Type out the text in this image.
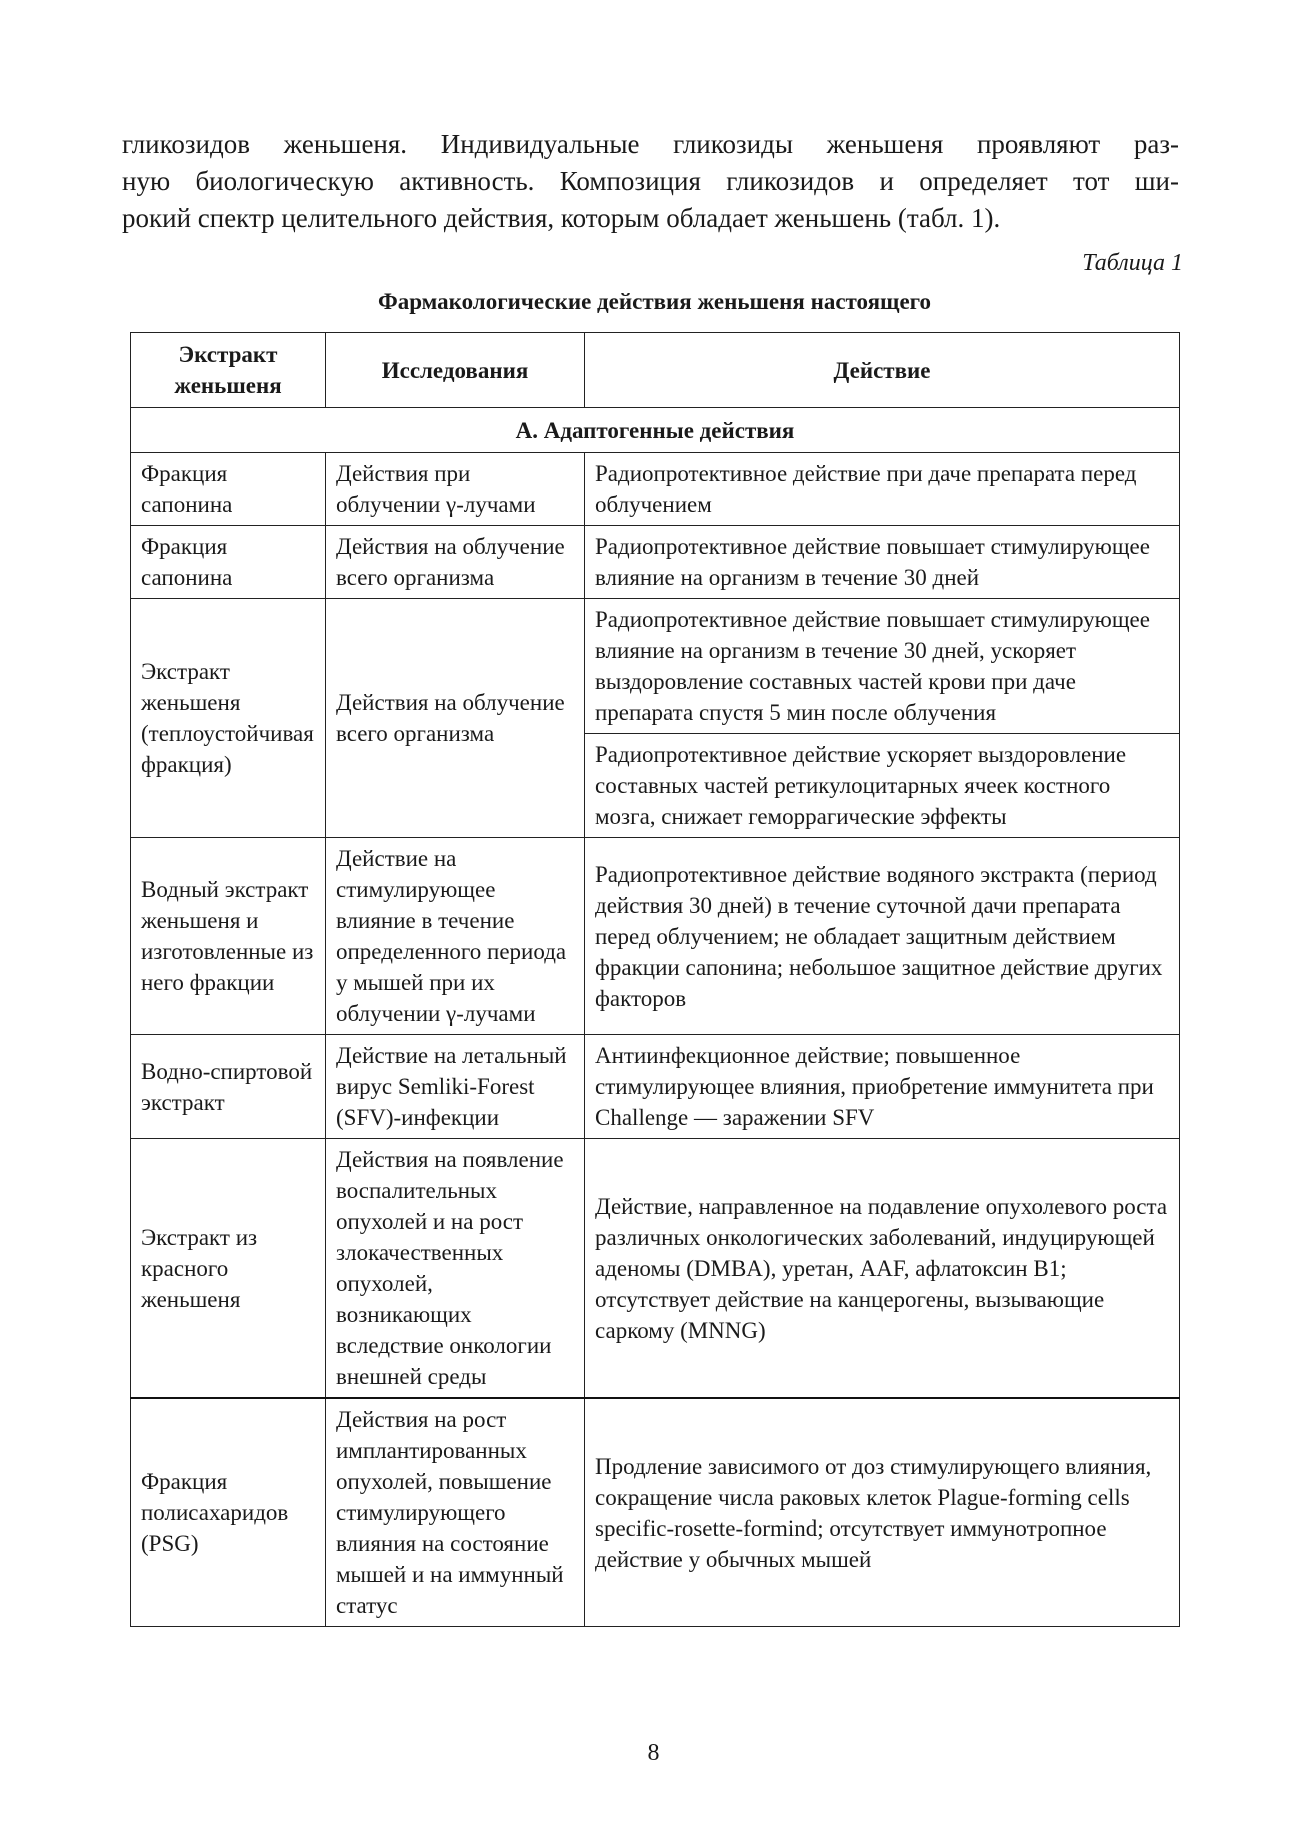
гликозидов женьшеня. Индивидуальные гликозиды женьшеня проявляют раз-
ную биологическую активность. Композиция гликозидов и определяет тот ши-
рокий спектр целительного действия, которым обладает женьшень (табл. 1).

Таблица 1

Фармакологические действия женьшеня настоящего

Экстракт женьшеня	Исследования	Действие
А. Адаптогенные действия		
Фракция сапонина	Действия при облучении γ-лучами	Радиопротективное действие при даче препарата перед облучением
Фракция сапонина	Действия на облучение всего организма	Радиопротективное действие повышает стимулирующее влияние на организм в течение 30 дней
Экстракт женьшеня (теплоустойчивая фракция)	Действия на облучение всего организма	Радиопротективное действие повышает стимулирующее влияние на организм в течение 30 дней, ускоряет выздоровление составных частей крови при даче препарата спустя 5 мин после облучения
		Радиопротективное действие ускоряет выздоровление составных частей ретикулоцитарных ячеек костного мозга, снижает геморрагические эффекты
Водный экстракт женьшеня и изготовленные из него фракции	Действие на стимулирующее влияние в течение определенного периода у мышей при их облучении γ-лучами	Радиопротективное действие водяного экстракта (период действия 30 дней) в течение суточной дачи препарата перед облучением; не обладает защитным действием фракции сапонина; небольшое защитное действие других факторов
Водно-спиртовой экстракт	Действие на летальный вирус Semliki-Forest (SFV)-инфекции	Антиинфекционное действие; повышенное стимулирующее влияния, приобретение иммунитета при Challenge — заражении SFV
Экстракт из красного женьшеня	Действия на появление воспалительных опухолей и на рост злокачественных опухолей, возникающих вследствие онкологии внешней среды	Действие, направленное на подавление опухолевого роста различных онкологических заболеваний, индуцирующей аденомы (DMBA), уретан, AAF, афлатоксин B1; отсутствует действие на канцерогены, вызывающие саркому (MNNG)
Фракция полисахаридов (PSG)	Действия на рост имплантированных опухолей, повышение стимулирующего влияния на состояние мышей и на иммунный статус	Продление зависимого от доз стимулирующего влияния, сокращение числа раковых клеток Plague-forming cells specific-rosette-formind; отсутствует иммунотропное действие у обычных мышей

8
